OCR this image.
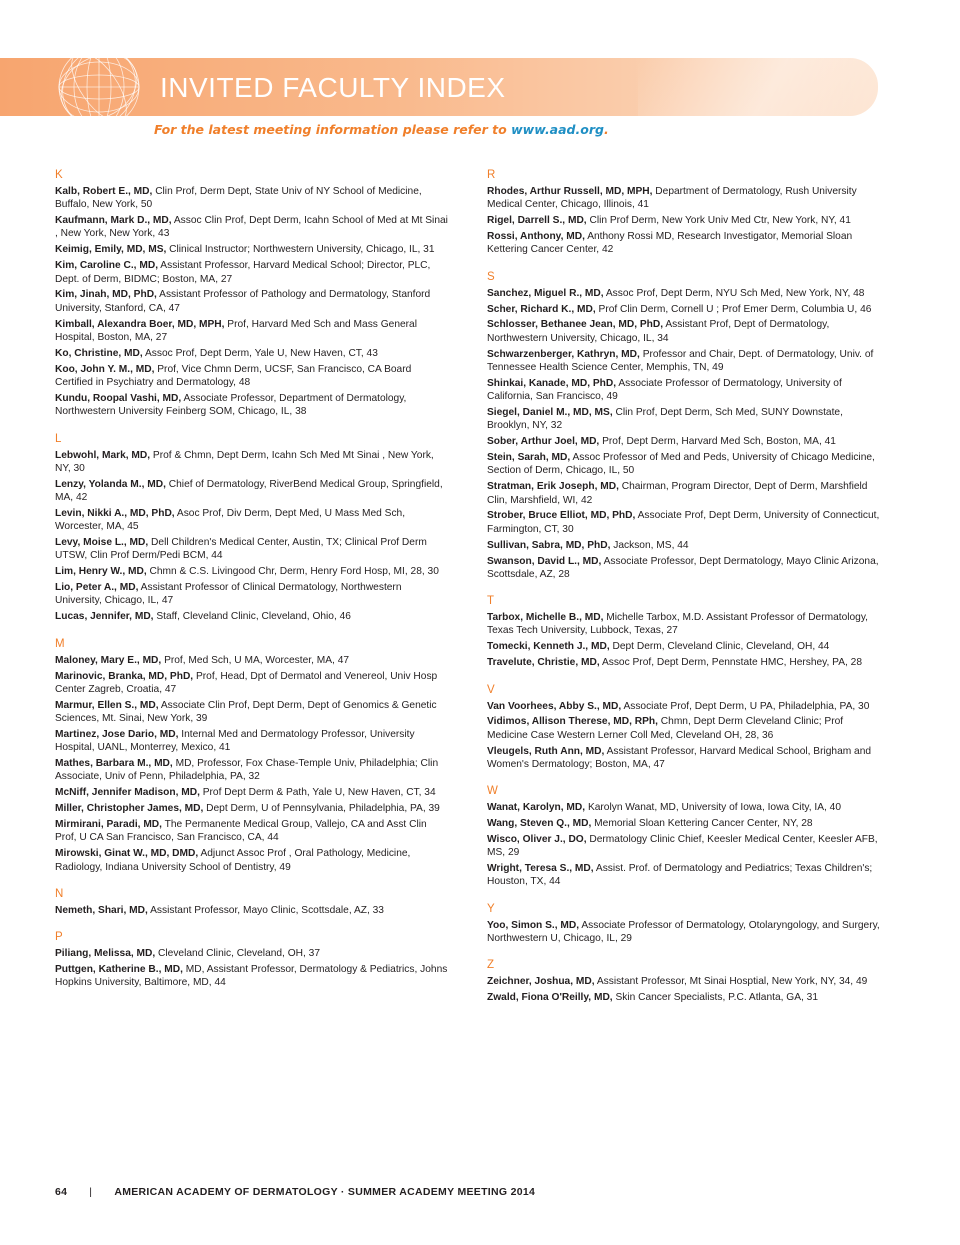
INVITED FACULTY INDEX
For the latest meeting information please refer to www.aad.org.
K
Kalb, Robert E., MD, Clin Prof, Derm Dept, State Univ of NY School of Medicine, Buffalo, New York, 50
Kaufmann, Mark D., MD, Assoc Clin Prof, Dept Derm, Icahn School of Med at Mt Sinai , New York, New York, 43
Keimig, Emily, MD, MS, Clinical Instructor; Northwestern University, Chicago, IL, 31
Kim, Caroline C., MD, Assistant Professor, Harvard Medical School; Director, PLC, Dept. of Derm, BIDMC; Boston, MA, 27
Kim, Jinah, MD, PhD, Assistant Professor of Pathology and Dermatology, Stanford University, Stanford, CA, 47
Kimball, Alexandra Boer, MD, MPH, Prof, Harvard Med Sch and Mass General Hospital, Boston, MA, 27
Ko, Christine, MD, Assoc Prof, Dept Derm, Yale U, New Haven, CT, 43
Koo, John Y. M., MD, Prof, Vice Chmn Derm, UCSF, San Francisco, CA Board Certified in Psychiatry and Dermatology, 48
Kundu, Roopal Vashi, MD, Associate Professor, Department of Dermatology, Northwestern University Feinberg SOM, Chicago, IL, 38
L
Lebwohl, Mark, MD, Prof & Chmn, Dept Derm, Icahn Sch Med Mt Sinai , New York, NY, 30
Lenzy, Yolanda M., MD, Chief of Dermatology, RiverBend Medical Group, Springfield, MA, 42
Levin, Nikki A., MD, PhD, Asoc Prof, Div Derm, Dept Med, U Mass Med Sch, Worcester, MA, 45
Levy, Moise L., MD, Dell Children's Medical Center, Austin, TX; Clinical Prof Derm UTSW, Clin Prof Derm/Pedi BCM, 44
Lim, Henry W., MD, Chmn & C.S. Livingood Chr, Derm, Henry Ford Hosp, MI, 28, 30
Lio, Peter A., MD, Assistant Professor of Clinical Dermatology, Northwestern University, Chicago, IL, 47
Lucas, Jennifer, MD, Staff, Cleveland Clinic, Cleveland, Ohio, 46
M
Maloney, Mary E., MD, Prof, Med Sch, U MA, Worcester, MA, 47
Marinovic, Branka, MD, PhD, Prof, Head, Dpt of Dermatol and Venereol, Univ Hosp Center Zagreb, Croatia, 47
Marmur, Ellen S., MD, Associate Clin Prof, Dept Derm, Dept of Genomics & Genetic Sciences, Mt. Sinai, New York, 39
Martinez, Jose Dario, MD, Internal Med and Dermatology Professor, University Hospital, UANL, Monterrey, Mexico, 41
Mathes, Barbara M., MD, MD, Professor, Fox Chase-Temple Univ, Philadelphia; Clin Associate, Univ of Penn, Philadelphia, PA, 32
McNiff, Jennifer Madison, MD, Prof Dept Derm & Path, Yale U, New Haven, CT, 34
Miller, Christopher James, MD, Dept Derm, U of Pennsylvania, Philadelphia, PA, 39
Mirmirani, Paradi, MD, The Permanente Medical Group, Vallejo, CA and Asst Clin Prof, U CA San Francisco, San Francisco, CA, 44
Mirowski, Ginat W., MD, DMD, Adjunct Assoc Prof , Oral Pathology, Medicine, Radiology, Indiana University School of Dentistry, 49
N
Nemeth, Shari, MD, Assistant Professor, Mayo Clinic, Scottsdale, AZ, 33
P
Piliang, Melissa, MD, Cleveland Clinic, Cleveland, OH, 37
Puttgen, Katherine B., MD, MD, Assistant Professor, Dermatology & Pediatrics, Johns Hopkins University, Baltimore, MD, 44
R
Rhodes, Arthur Russell, MD, MPH, Department of Dermatology, Rush University Medical Center, Chicago, Illinois, 41
Rigel, Darrell S., MD, Clin Prof Derm, New York Univ Med Ctr, New York, NY, 41
Rossi, Anthony, MD, Anthony Rossi MD, Research Investigator, Memorial Sloan Kettering Cancer Center, 42
S
Sanchez, Miguel R., MD, Assoc Prof, Dept Derm, NYU Sch Med, New York, NY, 48
Scher, Richard K., MD, Prof Clin Derm, Cornell U ; Prof Emer Derm, Columbia U, 46
Schlosser, Bethanee Jean, MD, PhD, Assistant Prof, Dept of Dermatology, Northwestern University, Chicago, IL, 34
Schwarzenberger, Kathryn, MD, Professor and Chair, Dept. of Dermatology, Univ. of Tennessee Health Science Center, Memphis, TN, 49
Shinkai, Kanade, MD, PhD, Associate Professor of Dermatology, University of California, San Francisco, 49
Siegel, Daniel M., MD, MS, Clin Prof, Dept Derm, Sch Med, SUNY Downstate, Brooklyn, NY, 32
Sober, Arthur Joel, MD, Prof, Dept Derm, Harvard Med Sch, Boston, MA, 41
Stein, Sarah, MD, Assoc Professor of Med and Peds, University of Chicago Medicine, Section of Derm, Chicago, IL, 50
Stratman, Erik Joseph, MD, Chairman, Program Director, Dept of Derm, Marshfield Clin, Marshfield, WI, 42
Strober, Bruce Elliot, MD, PhD, Associate Prof, Dept Derm, University of Connecticut, Farmington, CT, 30
Sullivan, Sabra, MD, PhD, Jackson, MS, 44
Swanson, David L., MD, Associate Professor, Dept Dermatology, Mayo Clinic Arizona, Scottsdale, AZ, 28
T
Tarbox, Michelle B., MD, Michelle Tarbox, M.D. Assistant Professor of Dermatology, Texas Tech University, Lubbock, Texas, 27
Tomecki, Kenneth J., MD, Dept Derm, Cleveland Clinic, Cleveland, OH, 44
Travelute, Christie, MD, Assoc Prof, Dept Derm, Pennstate HMC, Hershey, PA, 28
V
Van Voorhees, Abby S., MD, Associate Prof, Dept Derm, U PA, Philadelphia, PA, 30
Vidimos, Allison Therese, MD, RPh, Chmn, Dept Derm Cleveland Clinic; Prof Medicine Case Western Lerner Coll Med, Cleveland OH, 28, 36
Vleugels, Ruth Ann, MD, Assistant Professor, Harvard Medical School, Brigham and Women's Dermatology; Boston, MA, 47
W
Wanat, Karolyn, MD, Karolyn Wanat, MD, University of Iowa, Iowa City, IA, 40
Wang, Steven Q., MD, Memorial Sloan Kettering Cancer Center, NY, 28
Wisco, Oliver J., DO, Dermatology Clinic Chief, Keesler Medical Center, Keesler AFB, MS, 29
Wright, Teresa S., MD, Assist. Prof. of Dermatology and Pediatrics; Texas Children's; Houston, TX, 44
Y
Yoo, Simon S., MD, Associate Professor of Dermatology, Otolaryngology, and Surgery, Northwestern U, Chicago, IL, 29
Z
Zeichner, Joshua, MD, Assistant Professor, Mt Sinai Hosptial, New York, NY, 34, 49
Zwald, Fiona O'Reilly, MD, Skin Cancer Specialists, P.C. Atlanta, GA, 31
64 | AMERICAN ACADEMY OF DERMATOLOGY · SUMMER ACADEMY MEETING 2014
